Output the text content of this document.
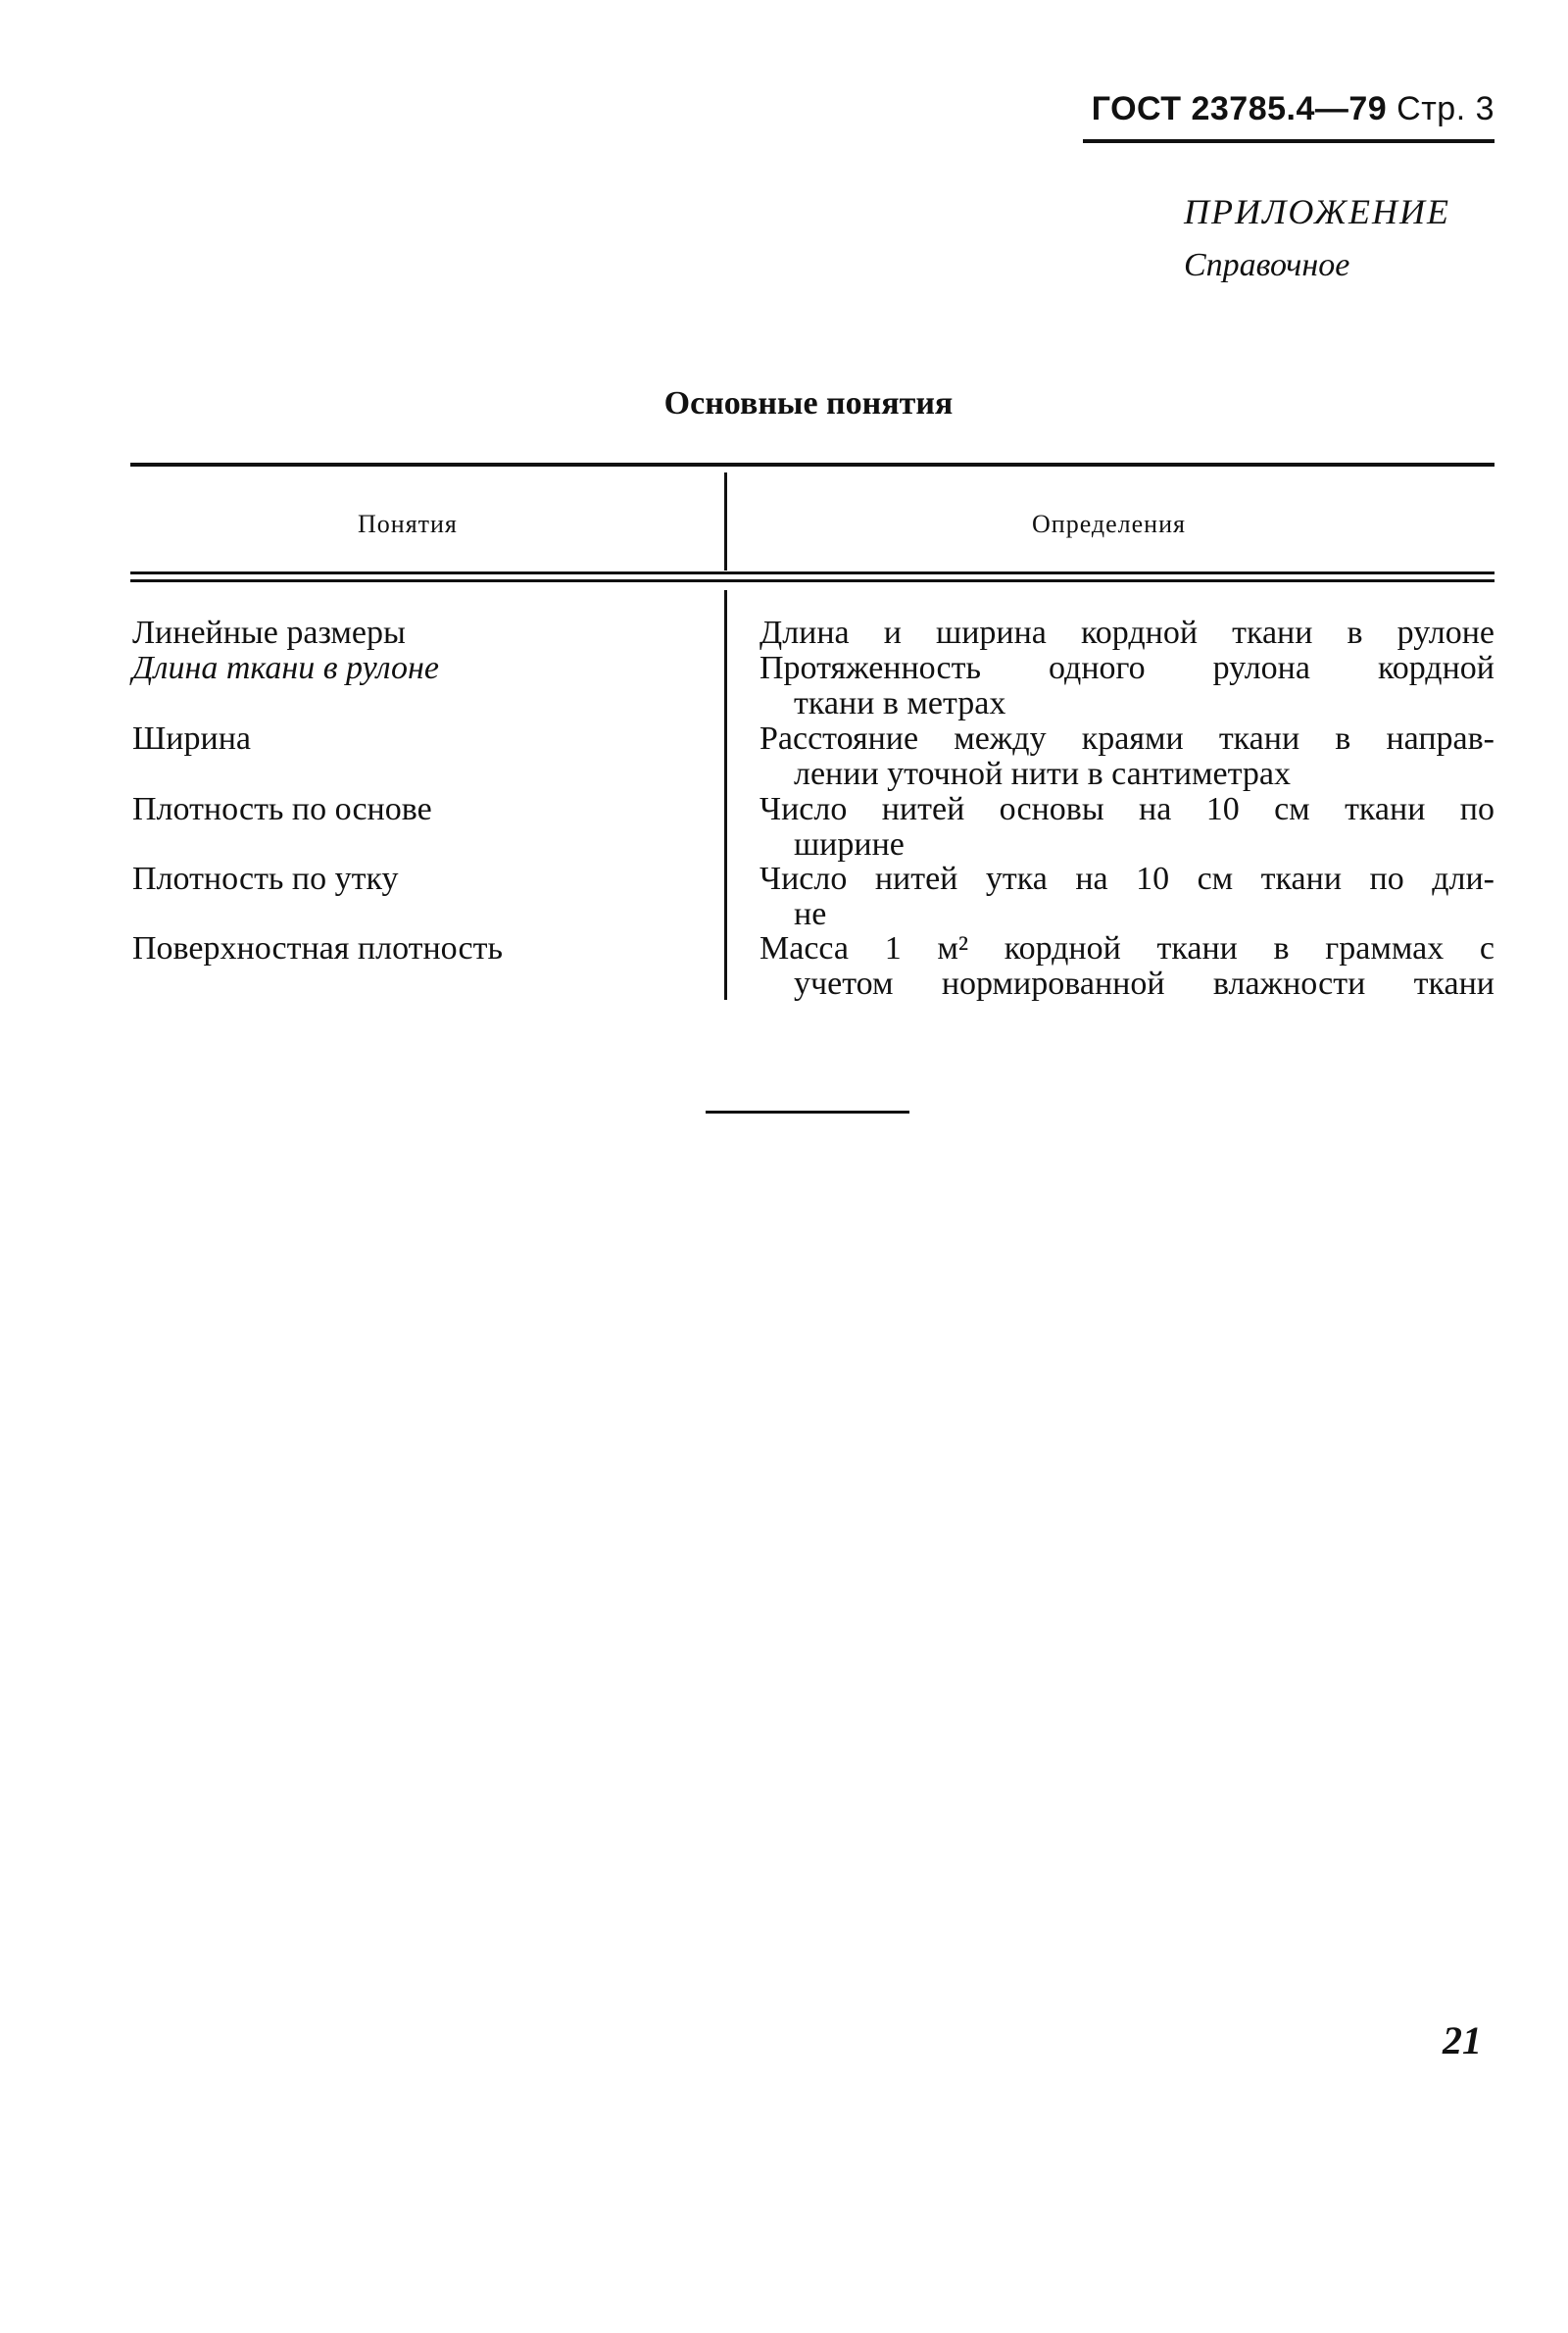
ГОСТ 23785.4—79 Стр. 3
ПРИЛОЖЕНИЕ
Справочное
Основные понятия
Понятия	Определения
Линейные размеры	Длина и ширина кордной ткани в рулоне
Длина ткани в рулоне	Протяженность одного рулона кордной
ткани в метрах
Ширина	Расстояние между краями ткани в направ-
лении уточной нити в сантиметрах
Плотность по основе	Число нитей основы на 10 см ткани по
ширине
Плотность по утку	Число нитей утка на 10 см ткани по дли-
не
Поверхностная плотность	Масса 1 м² кордной ткани в граммах с
учетом нормированной влажности ткани
21
